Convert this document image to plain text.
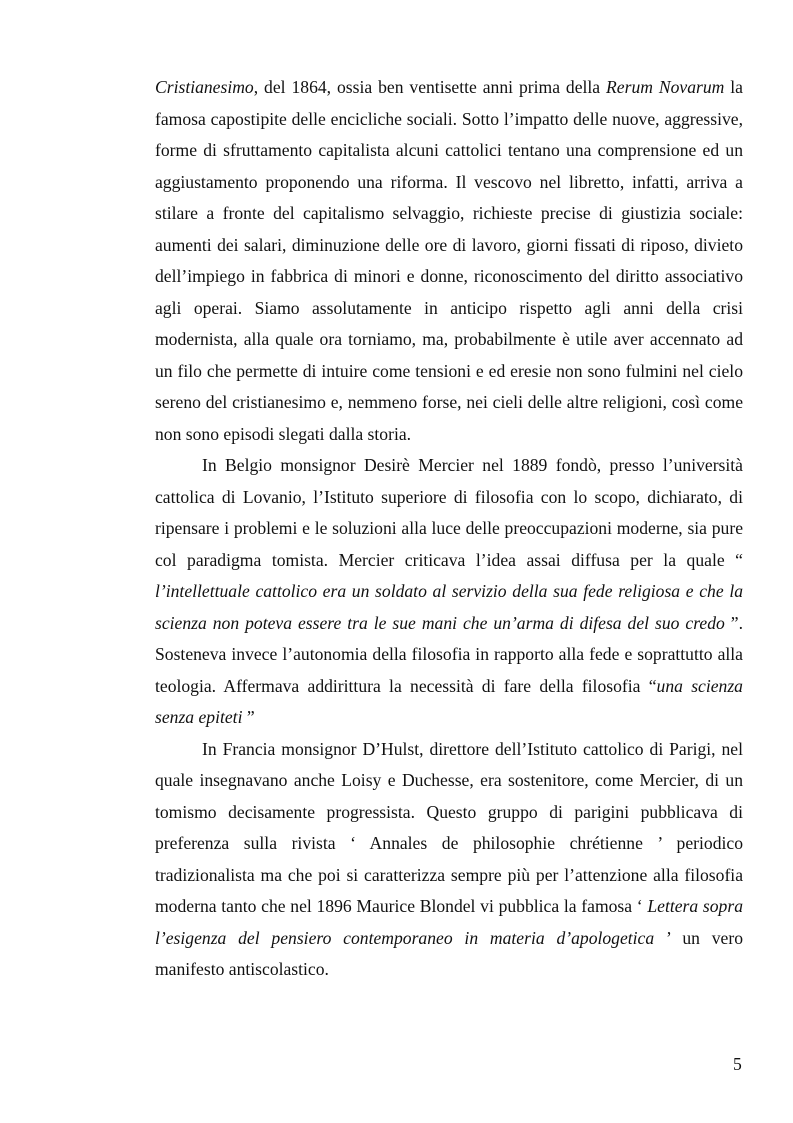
Cristianesimo, del 1864, ossia ben ventisette anni prima della Rerum Novarum la famosa capostipite delle encicliche sociali. Sotto l’impatto delle nuove, aggressive, forme di sfruttamento capitalista alcuni cattolici tentano una comprensione ed un aggiustamento proponendo una riforma. Il vescovo nel libretto, infatti, arriva a stilare a fronte del capitalismo selvaggio, richieste precise di giustizia sociale: aumenti dei salari, diminuzione delle ore di lavoro, giorni fissati di riposo, divieto dell’impiego in fabbrica di minori e donne, riconoscimento del diritto associativo agli operai. Siamo assolutamente in anticipo rispetto agli anni della crisi modernista, alla quale ora torniamo, ma, probabilmente è utile aver accennato ad un filo che permette di intuire come tensioni e ed eresie non sono fulmini nel cielo sereno del cristianesimo e, nemmeno forse, nei cieli delle altre religioni, così come non sono episodi slegati dalla storia.

In Belgio monsignor Desirè Mercier nel 1889 fondò, presso l’università cattolica di Lovanio, l’Istituto superiore di filosofia con lo scopo, dichiarato, di ripensare i problemi e le soluzioni alla luce delle preoccupazioni moderne, sia pure col paradigma tomista. Mercier criticava l’idea assai diffusa per la quale “ l’intellettuale cattolico era un soldato al servizio della sua fede religiosa e che la scienza non poteva essere tra le sue mani che un’arma di difesa del suo credo ”. Sosteneva invece l’autonomia della filosofia in rapporto alla fede e soprattutto alla teologia. Affermava addirittura la necessità di fare della filosofia “una scienza senza epiteti ”

In Francia monsignor D’Hulst, direttore dell’Istituto cattolico di Parigi, nel quale insegnavano anche Loisy e Duchesse, era sostenitore, come Mercier, di un tomismo decisamente progressista. Questo gruppo di parigini pubblicava di preferenza sulla rivista ‘ Annales de philosophie chrétienne ’ periodico tradizionalista ma che poi si caratterizza sempre più per l’attenzione alla filosofia moderna tanto che nel 1896 Maurice Blondel vi pubblica la famosa ‘ Lettera sopra l’esigenza del pensiero contemporaneo in materia d’apologetica ’ un vero manifesto antiscolastico.

5
